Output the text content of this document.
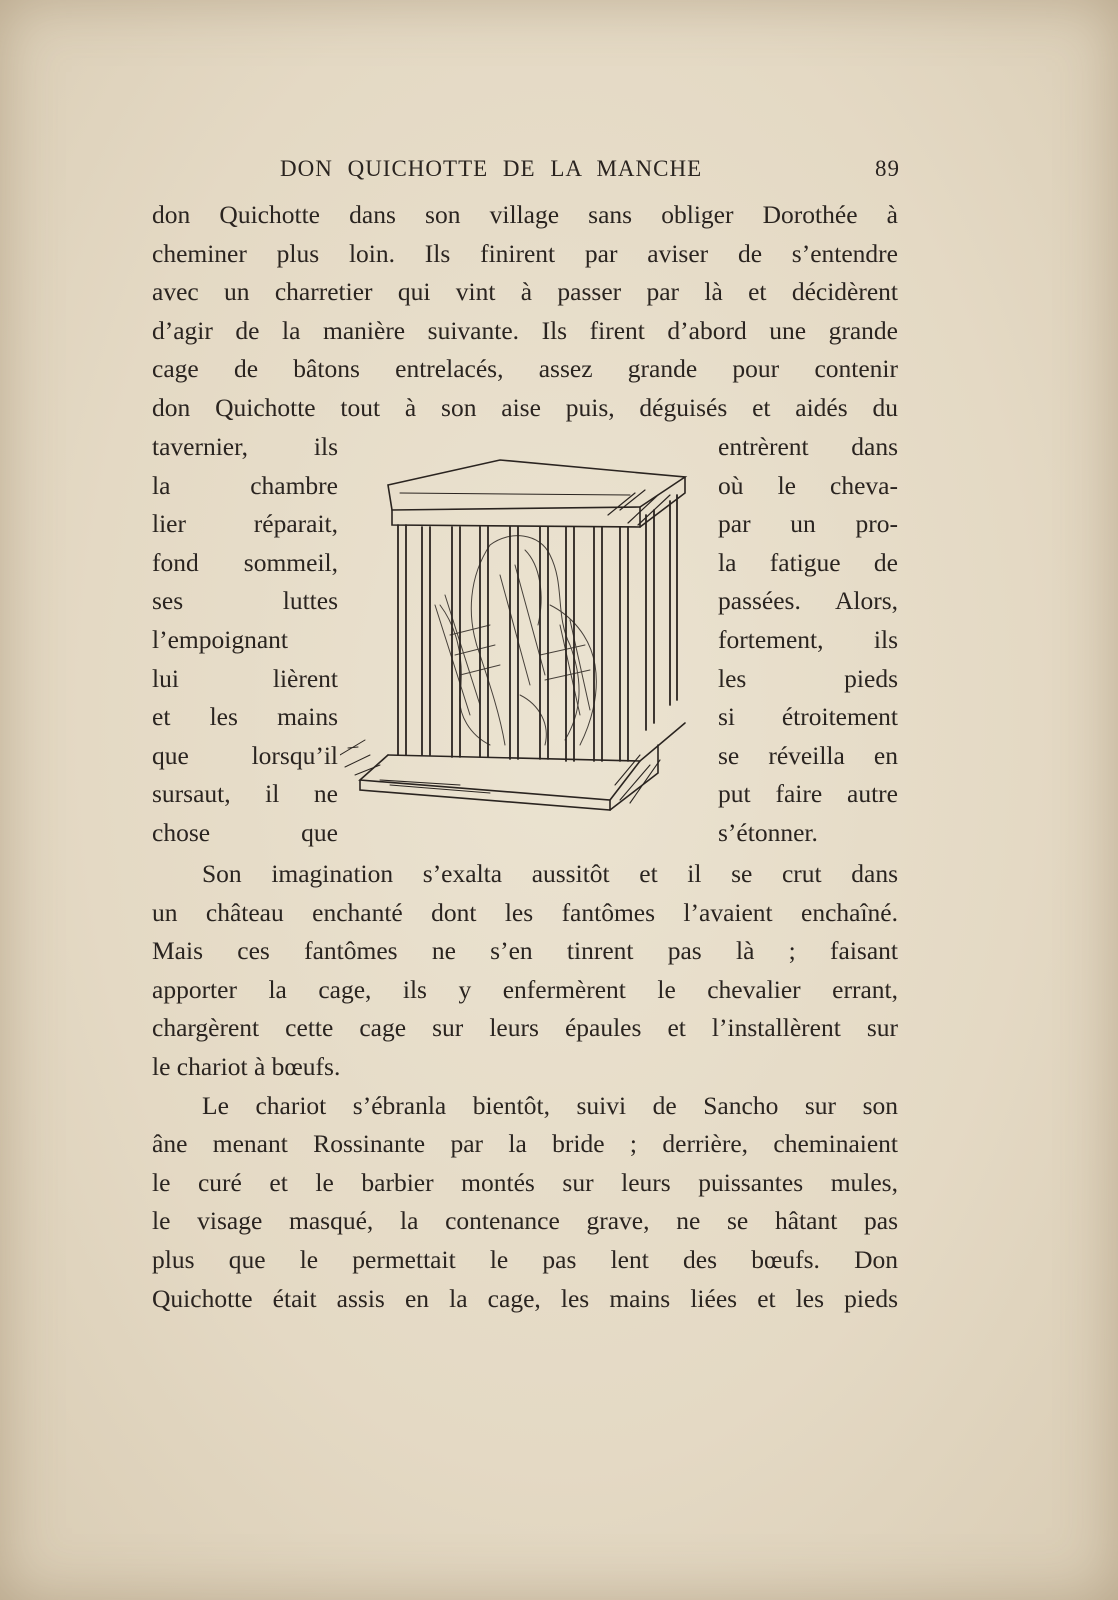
DON QUICHOTTE DE LA MANCHE	89
don Quichotte dans son village sans obliger Dorothée à
cheminer plus loin. Ils finirent par aviser de s’entendre
avec un charretier qui vint à passer par là et décidèrent
d’agir de la manière suivante. Ils firent d’abord une grande
cage de bâtons entrelacés, assez grande pour contenir
don Quichotte tout à son aise puis, déguisés et aidés du
tavernier, ils
la chambre
lier réparait,
fond sommeil,
ses luttes
l’empoignant
lui lièrent
et les mains
que lorsqu’il
sursaut, il ne
chose que
entrèrent dans
où le cheva-
par un pro-
la fatigue de
passées. Alors,
fortement, ils
les pieds
si étroitement
se réveilla en
put faire autre
s’étonner.
Son imagination s’exalta aussitôt et il se crut dans
un château enchanté dont les fantômes l’avaient enchaîné.
Mais ces fantômes ne s’en tinrent pas là ; faisant
apporter la cage, ils y enfermèrent le chevalier errant,
chargèrent cette cage sur leurs épaules et l’installèrent sur
le chariot à bœufs.
Le chariot s’ébranla bientôt, suivi de Sancho sur son
âne menant Rossinante par la bride ; derrière, cheminaient
le curé et le barbier montés sur leurs puissantes mules,
le visage masqué, la contenance grave, ne se hâtant pas
plus que le permettait le pas lent des bœufs. Don
Quichotte était assis en la cage, les mains liées et les pieds
